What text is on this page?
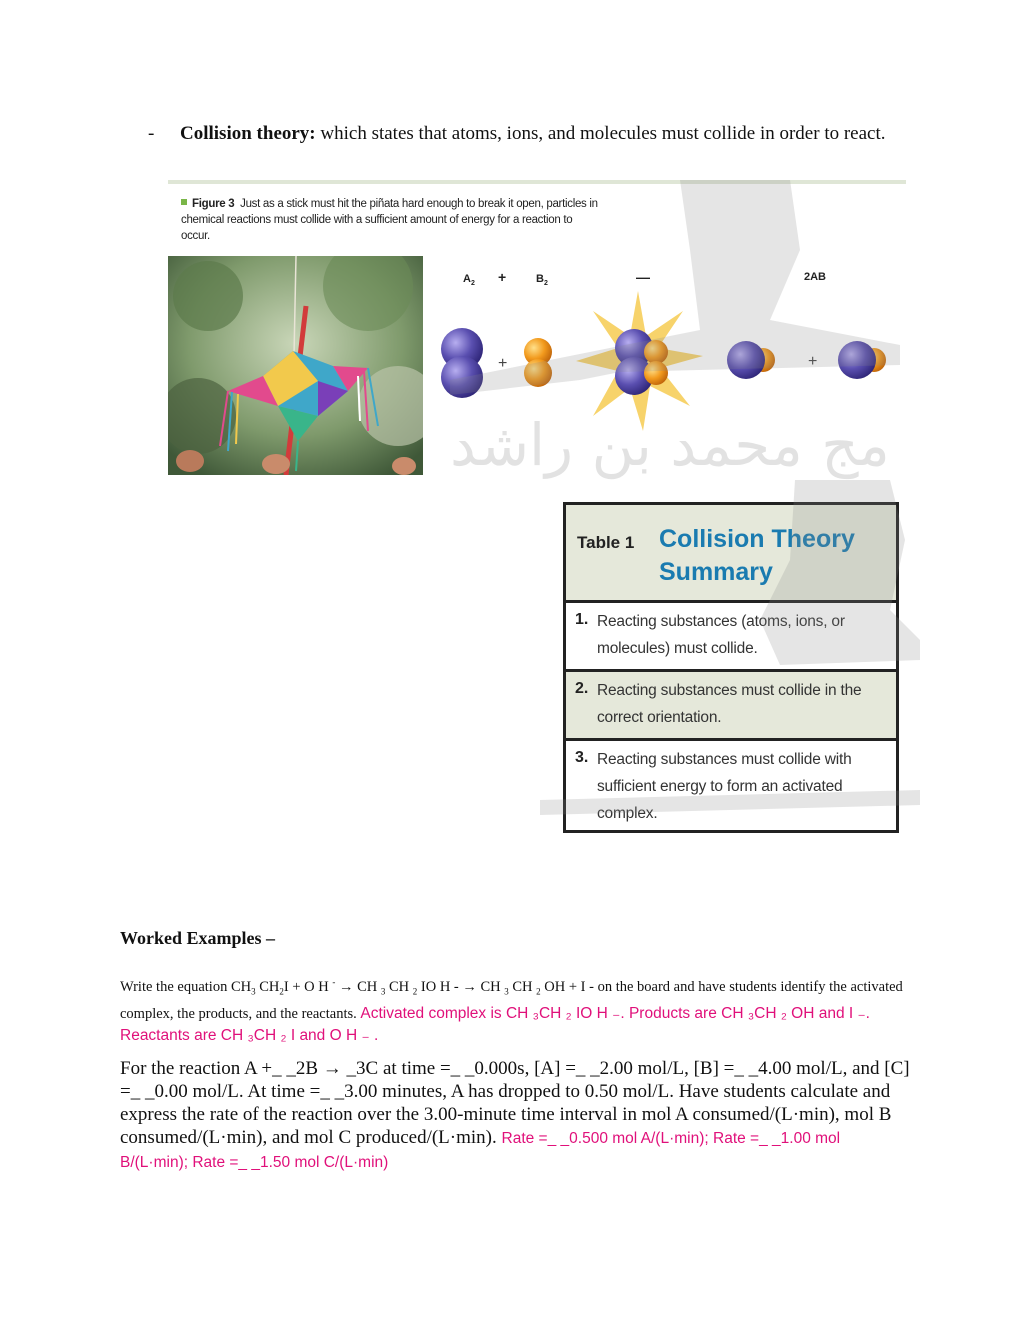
- Collision theory: which states that atoms, ions, and molecules must collide in order to react.
Figure 3 Just as a stick must hit the piñata hard enough to break it open, particles in chemical reactions must collide with a sufficient amount of energy for a reaction to occur.
$A_2$ +	$B_2$	—	2AB
+	+
Table 1 Collision Theory
Summary
1. Reacting substances (atoms, ions, or molecules) must collide.
2. Reacting substances must collide in the correct orientation.
3. Reacting substances must collide with sufficient energy to form an activated complex.
Worked Examples –
Write the equation $CH_3$ $CH_2I + O$ H - → CH $_3$ CH $_2$ IO H - → CH $_3$ CH $_2$ OH + I - on the board and have students identify the activated complex, the products, and the reactants. Activated complex is CH ₃CH ₂ IO H ₋. Products are CH ₃CH ₂ OH and I ₋. Reactants are CH ₃CH ₂ I and O H ₋ .
For the reaction A +_ _2B → _3C at time =_ _0.000s, [A] =_ _2.00 mol/L, [B] =_ _4.00 mol/L, and [C] =_ _0.00 mol/L. At time =_ _3.00 minutes, A has dropped to 0.50 mol/L. Have students calculate and express the rate of the reaction over the 3.00-minute time interval in mol A consumed/(L·min), mol B consumed/(L·min), and mol C produced/(L·min). Rate =_ _0.500 mol A/(L·min); Rate =_ _1.00 mol B/(L·min); Rate =_ _1.50 mol C/(L·min)
مج محمد بن راشد
